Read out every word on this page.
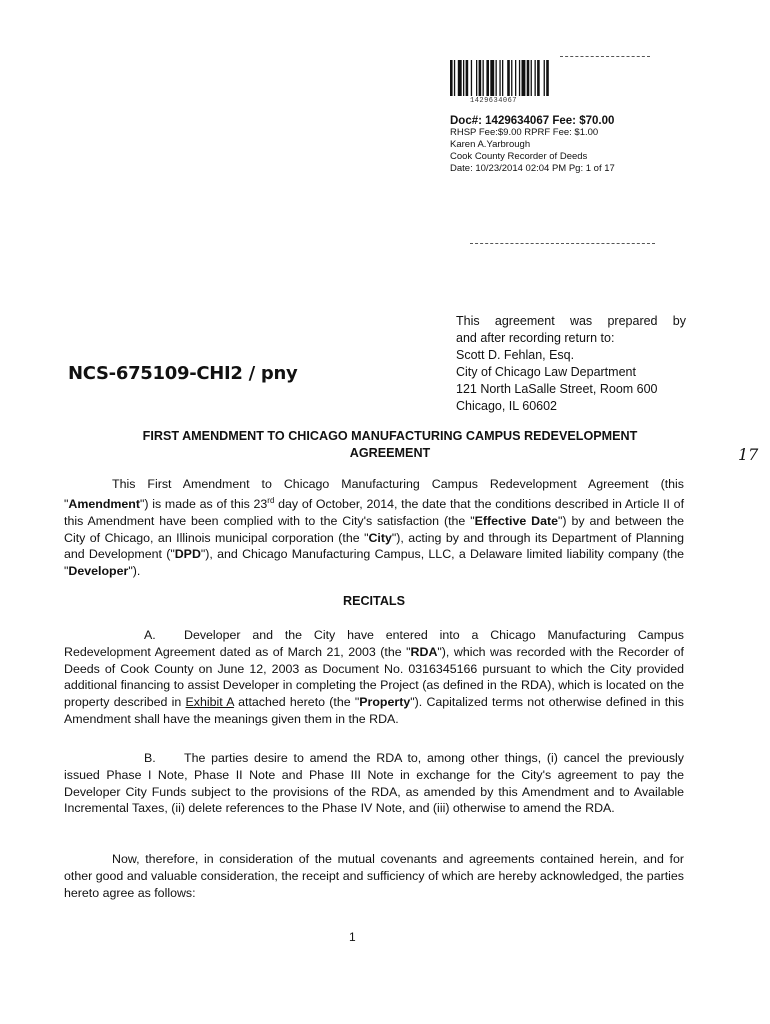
1429634067
Doc#: 1429634067 Fee: $70.00
RHSP Fee:$9.00 RPRF Fee: $1.00
Karen A.Yarbrough
Cook County Recorder of Deeds
Date: 10/23/2014 02:04 PM Pg: 1 of 17
This agreement was prepared by
and after recording return to:
Scott D. Fehlan, Esq.
City of Chicago Law Department
121 North LaSalle Street, Room 600
Chicago, IL 60602
NCS-675109-CHI2 / pny
FIRST AMENDMENT TO CHICAGO MANUFACTURING CAMPUS REDEVELOPMENT
AGREEMENT	17
This First Amendment to Chicago Manufacturing Campus Redevelopment Agreement (this "Amendment") is made as of this 23rd day of October, 2014, the date that the conditions described in Article II of this Amendment have been complied with to the City's satisfaction (the "Effective Date") by and between the City of Chicago, an Illinois municipal corporation (the "City"), acting by and through its Department of Planning and Development ("DPD"), and Chicago Manufacturing Campus, LLC, a Delaware limited liability company (the "Developer").
RECITALS
A. Developer and the City have entered into a Chicago Manufacturing Campus Redevelopment Agreement dated as of March 21, 2003 (the "RDA"), which was recorded with the Recorder of Deeds of Cook County on June 12, 2003 as Document No. 0316345166 pursuant to which the City provided additional financing to assist Developer in completing the Project (as defined in the RDA), which is located on the property described in Exhibit A attached hereto (the "Property"). Capitalized terms not otherwise defined in this Amendment shall have the meanings given them in the RDA.
B. The parties desire to amend the RDA to, among other things, (i) cancel the previously issued Phase I Note, Phase II Note and Phase III Note in exchange for the City's agreement to pay the Developer City Funds subject to the provisions of the RDA, as amended by this Amendment and to Available Incremental Taxes, (ii) delete references to the Phase IV Note, and (iii) otherwise to amend the RDA.
Now, therefore, in consideration of the mutual covenants and agreements contained herein, and for other good and valuable consideration, the receipt and sufficiency of which are hereby acknowledged, the parties hereto agree as follows:
1
